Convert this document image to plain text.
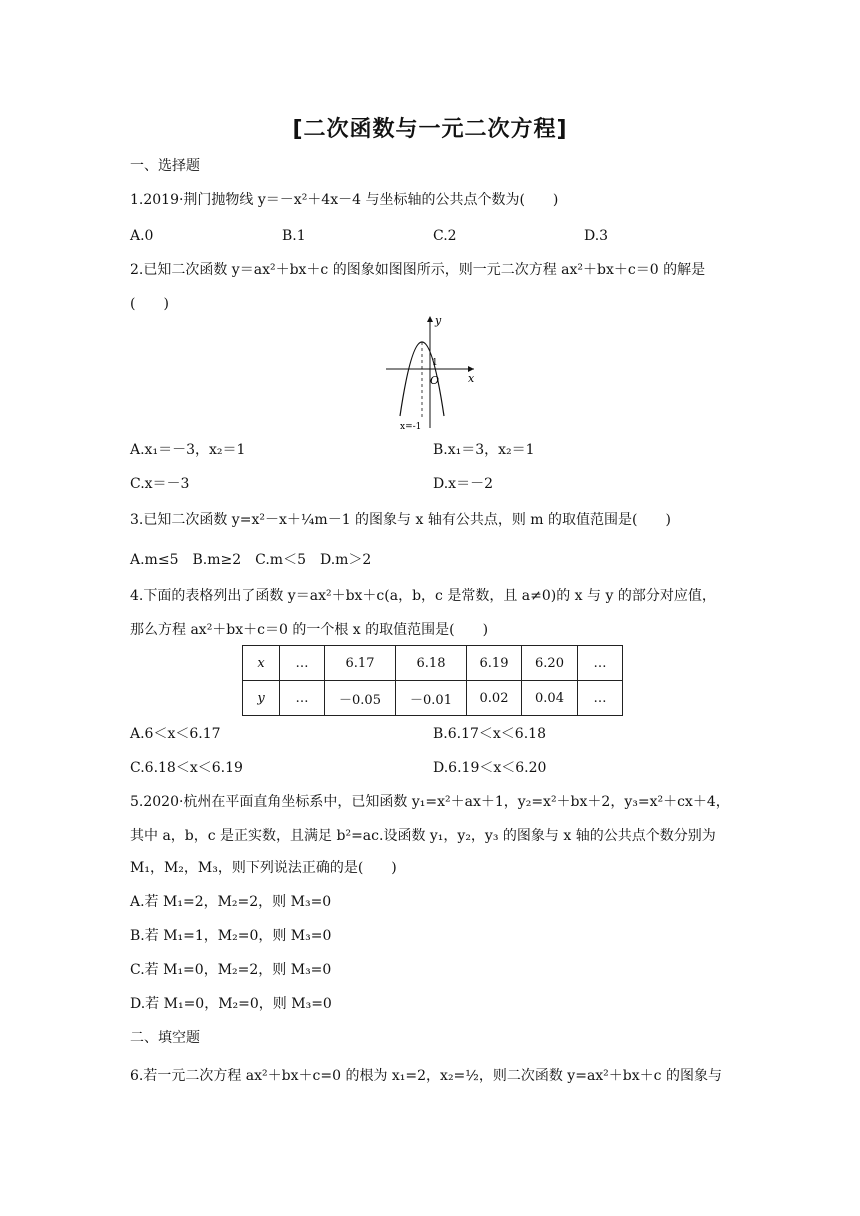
[二次函数与一元二次方程]
一、选择题
1.2019·荆门抛物线 y＝－x²＋4x－4 与坐标轴的公共点个数为(　　)
A.0	B.1	C.2	D.3
2.已知二次函数 y＝ax²＋bx＋c 的图象如图图所示，则一元二次方程 ax²＋bx＋c＝0 的解是
(　　)
y
x
O
1
x=-1
A.x₁＝－3，x₂＝1	B.x₁＝3，x₂＝1
C.x＝－3	D.x＝－2
3.已知二次函数 y=x²－x＋¼m－1 的图象与 x 轴有公共点，则 m 的取值范围是(　　)
A.m≤5　B.m≥2　C.m＜5　D.m＞2
4.下面的表格列出了函数 y＝ax²＋bx＋c(a，b，c 是常数，且 a≠0)的 x 与 y 的部分对应值，
那么方程 ax²＋bx＋c＝0 的一个根 x 的取值范围是(　　)
x	…	6.17	6.18	6.19	6.20	…
y	…	－0.05	－0.01	0.02	0.04	…
A.6＜x＜6.17	B.6.17＜x＜6.18
C.6.18＜x＜6.19	D.6.19＜x＜6.20
5.2020·杭州在平面直角坐标系中，已知函数 y₁=x²＋ax＋1，y₂=x²＋bx＋2，y₃=x²＋cx＋4，
其中 a，b，c 是正实数，且满足 b²=ac.设函数 y₁，y₂，y₃ 的图象与 x 轴的公共点个数分别为
M₁，M₂，M₃，则下列说法正确的是(　　)
A.若 M₁=2，M₂=2，则 M₃=0
B.若 M₁=1，M₂=0，则 M₃=0
C.若 M₁=0，M₂=2，则 M₃=0
D.若 M₁=0，M₂=0，则 M₃=0
二、填空题
6.若一元二次方程 ax²＋bx＋c=0 的根为 x₁=2，x₂=½，则二次函数 y=ax²＋bx＋c 的图象与
